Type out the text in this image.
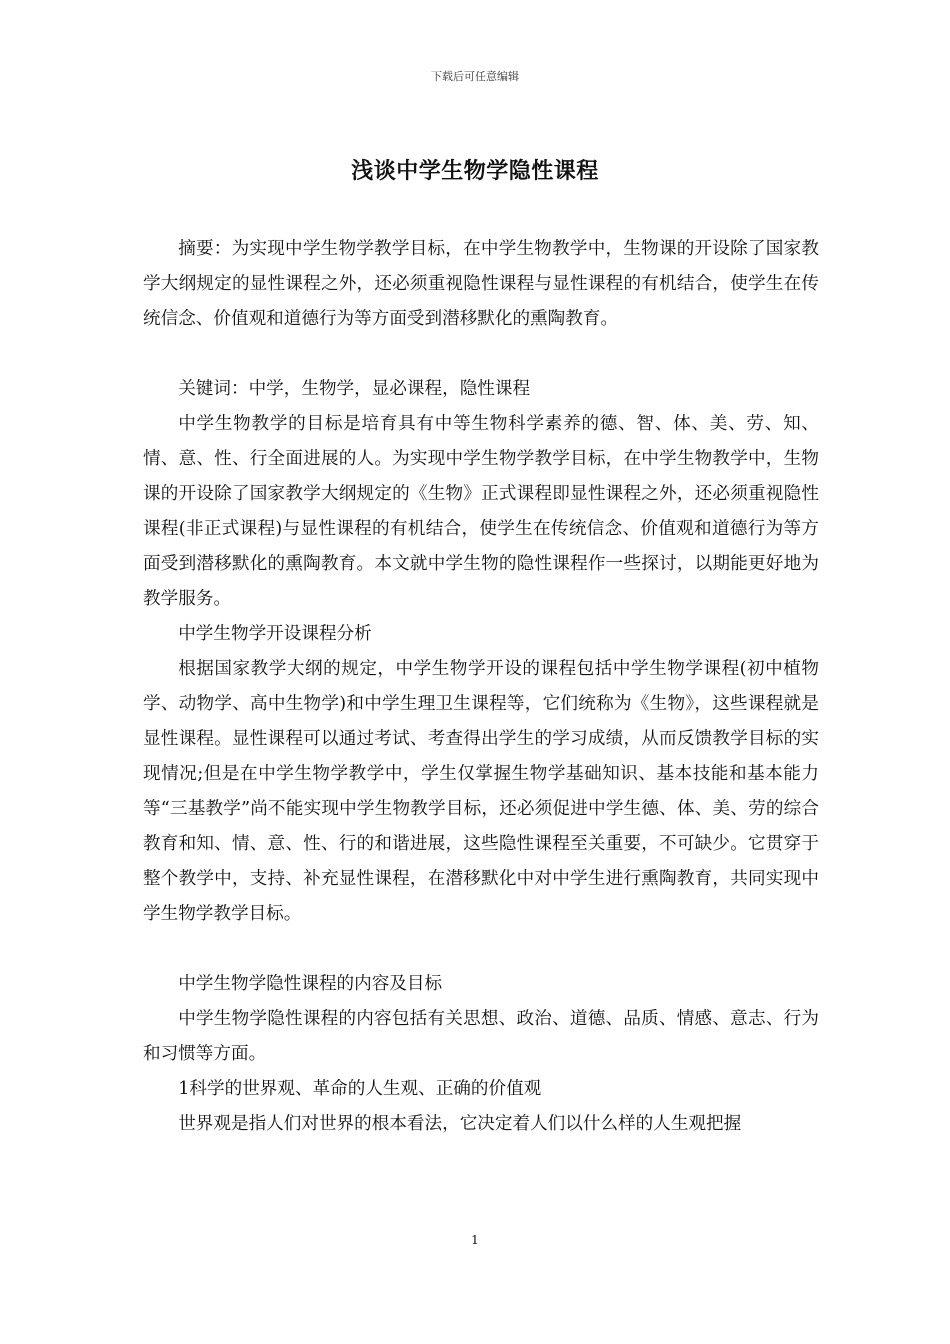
下载后可任意编辑
浅谈中学生物学隐性课程

摘要：为实现中学生物学教学目标，在中学生物教学中，生物课的开设除了国家教学大纲规定的显性课程之外，还必须重视隐性课程与显性课程的有机结合，使学生在传统信念、价值观和道德行为等方面受到潜移默化的熏陶教育。

关键词：中学，生物学，显必课程，隐性课程

中学生物教学的目标是培育具有中等生物科学素养的德、智、体、美、劳、知、情、意、性、行全面进展的人。为实现中学生物学教学目标，在中学生物教学中，生物课的开设除了国家教学大纲规定的《生物》正式课程即显性课程之外，还必须重视隐性课程(非正式课程)与显性课程的有机结合，使学生在传统信念、价值观和道德行为等方面受到潜移默化的熏陶教育。本文就中学生物的隐性课程作一些探讨，以期能更好地为教学服务。

中学生物学开设课程分析

根据国家教学大纲的规定，中学生物学开设的课程包括中学生物学课程(初中植物学、动物学、高中生物学)和中学生理卫生课程等，它们统称为《生物》，这些课程就是显性课程。显性课程可以通过考试、考查得出学生的学习成绩，从而反馈教学目标的实现情况;但是在中学生物学教学中，学生仅掌握生物学基础知识、基本技能和基本能力等“三基教学”尚不能实现中学生物教学目标，还必须促进中学生德、体、美、劳的综合教育和知、情、意、性、行的和谐进展，这些隐性课程至关重要，不可缺少。它贯穿于整个教学中，支持、补充显性课程，在潜移默化中对中学生进行熏陶教育，共同实现中学生物学教学目标。

中学生物学隐性课程的内容及目标

中学生物学隐性课程的内容包括有关思想、政治、道德、品质、情感、意志、行为和习惯等方面。

1科学的世界观、革命的人生观、正确的价值观

世界观是指人们对世界的根本看法，它决定着人们以什么样的人生观把握

1
